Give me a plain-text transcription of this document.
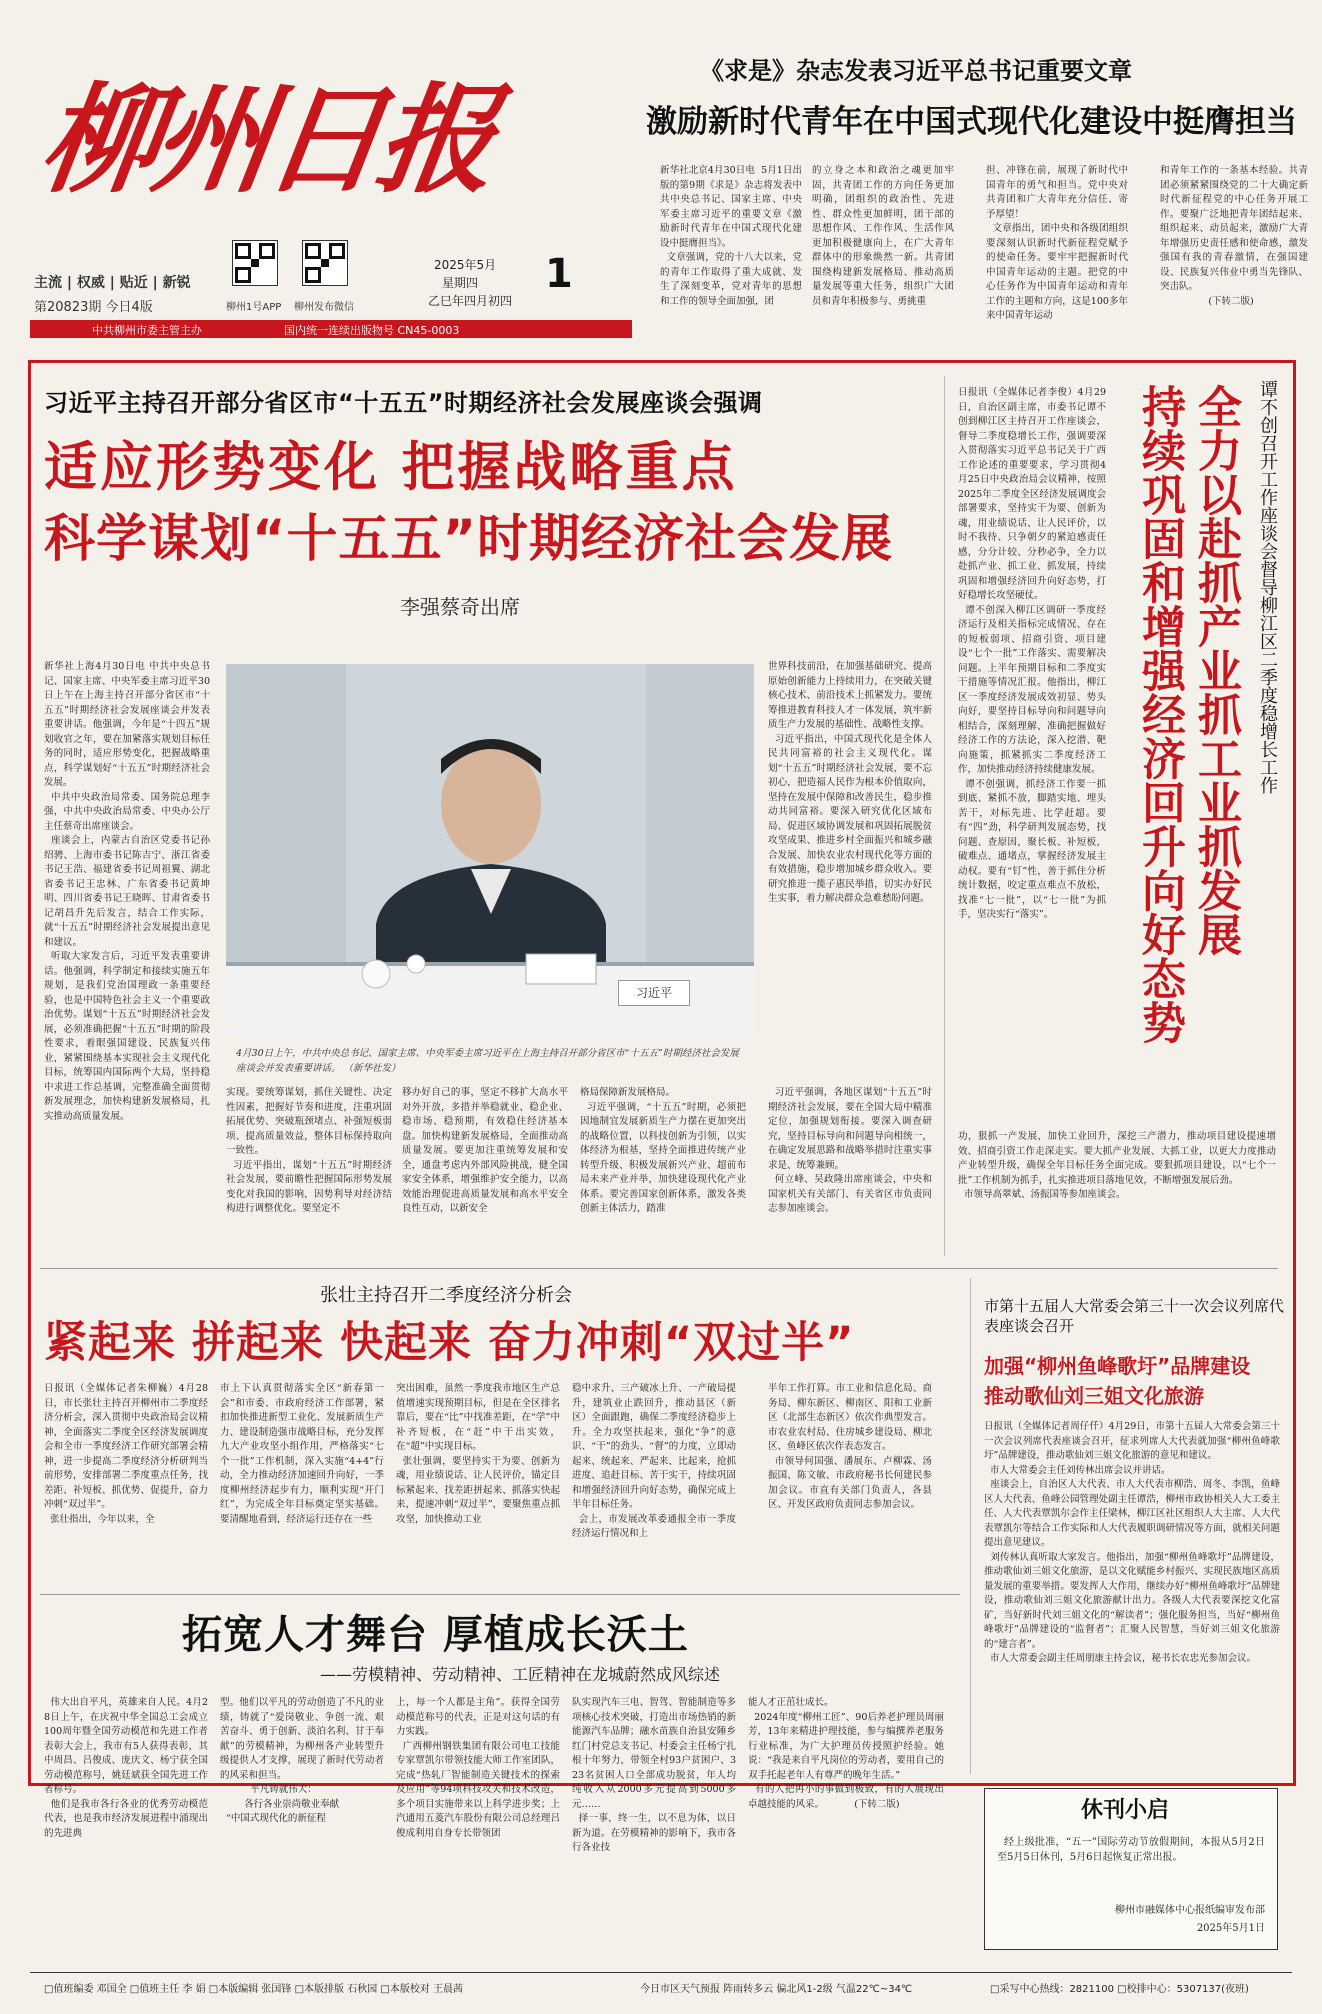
柳州日报
主流 | 权威 | 贴近 | 新锐
第20823期 今日4版	柳州1号APP 柳州发布微信
2025年5月
星期四
乙巳年四月初四
1
中共柳州市委主管主办	国内统一连续出版物号 CN45-0003
《求是》杂志发表习近平总书记重要文章
激励新时代青年在中国式现代化建设中挺膺担当
新华社北京4月30日电  5月1日出版的第9期《求是》杂志将发表中共中央总书记、国家主席、中央军委主席习近平的重要文章《激励新时代青年在中国式现代化建设中挺膺担当》。
文章强调，党的十八大以来，党的青年工作取得了重大成就、发生了深刻变革，党对青年的思想和工作的领导全面加强，团
的立身之本和政治之魂更加牢固，共青团工作的方向任务更加明确，团组织的政治性、先进性、群众性更加鲜明，团干部的思想作风、工作作风、生活作风更加积极健康向上，在广大青年群体中的形象焕然一新。共青团围绕构建新发展格局、推动高质量发展等重大任务，组织广大团员和青年积极参与、勇挑重
担、冲锋在前，展现了新时代中国青年的勇气和担当。党中央对共青团和广大青年充分信任、寄予厚望！
文章指出，团中央和各级团组织要深刻认识新时代新征程党赋予的使命任务。要牢牢把握新时代中国青年运动的主题。把党的中心任务作为中国青年运动和青年工作的主题和方向，这是100多年来中国青年运动
和青年工作的一条基本经验。共青团必须紧紧围绕党的二十大确定新时代新征程党的中心任务开展工作。要聚广泛地把青年团结起来、组织起来、动员起来，激励广大青年增强历史责任感和使命感，激发强国有我的青春激情，在强国建设、民族复兴伟业中勇当先锋队、突击队。
(下转二版)
习近平主持召开部分省区市“十五五”时期经济社会发展座谈会强调
适应形势变化 把握战略重点
科学谋划“十五五”时期经济社会发展
李强蔡奇出席
新华社上海4月30日电 中共中央总书记、国家主席、中央军委主席习近平30日上午在上海主持召开部分省区市“十五五”时期经济社会发展座谈会并发表重要讲话。他强调，今年是“十四五”规划收官之年，要在加紧落实规划目标任务的同时，适应形势变化，把握战略重点，科学谋划好“十五五”时期经济社会发展。
中共中央政治局常委、国务院总理李强，中共中央政治局常委、中央办公厅主任蔡奇出席座谈会。
座谈会上，内蒙古自治区党委书记孙绍骋、上海市委书记陈吉宁、浙江省委书记王浩、福建省委书记周祖翼、湖北省委书记王忠林、广东省委书记黄坤明、四川省委书记王晓晖、甘肃省委书记胡昌升先后发言，结合工作实际，就“十五五”时期经济社会发展提出意见和建议。
听取大家发言后，习近平发表重要讲话。他强调，科学制定和接续实施五年规划，是我们党治国理政一条重要经验，也是中国特色社会主义一个重要政治优势。谋划“十五五”时期经济社会发展，必须准确把握“十五五”时期的阶段性要求，着眼强国建设、民族复兴伟业，紧紧围绕基本实现社会主义现代化目标，统筹国内国际两个大局，坚持稳中求进工作总基调，完整准确全面贯彻新发展理念，加快构建新发展格局，扎实推动高质量发展。
习近平
4月30日上午，中共中央总书记、国家主席、中央军委主席习近平在上海主持召开部分省区市“十五五”时期经济社会发展座谈会并发表重要讲话。 （新华社发）
世界科技前沿，在加强基础研究、提高原始创新能力上持续用力，在突破关键核心技术、前沿技术上抓紧发力。要统筹推进教育科技人才一体发展，筑牢新质生产力发展的基础性、战略性支撑。
习近平指出，中国式现代化是全体人民共同富裕的社会主义现代化。谋划“十五五”时期经济社会发展，要不忘初心，把造福人民作为根本价值取向，坚持在发展中保障和改善民生，稳步推动共同富裕。要深入研究优化区域布局、促进区域协调发展和巩固拓展脱贫攻坚成果、推进乡村全面振兴和城乡融合发展、加快农业农村现代化等方面的有效措施，稳步增加城乡群众收入。要研究推进一揽子惠民举措，切实办好民生实事，着力解决群众急难愁盼问题。
实现。要统筹谋划，抓住关键性、决定性因素，把握好节奏和进度，注重巩固拓展优势、突破瓶颈堵点、补强短板弱项、提高质量效益，整体目标保持取向一致性。
习近平指出，谋划“十五五”时期经济社会发展，要前瞻性把握国际形势发展变化对我国的影响，因势利导对经济结构进行调整优化。要坚定不
移办好自己的事，坚定不移扩大高水平对外开放，多措并举稳就业、稳企业、稳市场、稳预期，有效稳住经济基本盘。加快构建新发展格局，全面推动高质量发展。要更加注重统筹发展和安全，通盘考虑内外部风险挑战，健全国家安全体系，增强维护安全能力，以高效能治理促进高质量发展和高水平安全良性互动，以新安全
格局保障新发展格局。
习近平强调，“十五五”时期，必须把因地制宜发展新质生产力摆在更加突出的战略位置，以科技创新为引领，以实体经济为根基，坚持全面推进传统产业转型升级、积极发展新兴产业、超前布局未来产业并举，加快建设现代化产业体系。要完善国家创新体系，激发各类创新主体活力，踏准
习近平强调，各地区谋划“十五五”时期经济社会发展，要在全国大局中精准定位，加强规划衔接。要深入调查研究，坚持目标导向和问题导向相统一，在确定发展思路和战略举措时注重实事求是、统筹兼顾。
何立峰、吴政隆出席座谈会，中央和国家机关有关部门、有关省区市负责同志参加座谈会。
谭不创召开工作座谈会督导柳江区二季度稳增长工作
全力以赴抓产业抓工业抓发展
持续巩固和增强经济回升向好态势
日报讯（全媒体记者李俊）4月29日，自治区副主席，市委书记谭不创到柳江区主持召开工作座谈会，督导二季度稳增长工作，强调要深入贯彻落实习近平总书记关于广西工作论述的重要要求，学习贯彻4月25日中央政治局会议精神，按照2025年二季度全区经济发展调度会部署要求，坚持实干为要、创新为魂，用业绩说话、让人民评价，以时不我待、只争朝夕的紧迫感责任感，分分计较、分秒必争，全力以赴抓产业、抓工业、抓发展，持续巩固和增强经济回升向好态势，打好稳增长攻坚硬仗。
谭不创深入柳江区调研一季度经济运行及相关指标完成情况、存在的短板弱项、招商引资、项目建设“七个一批”工作落实、需要解决问题。上半年预期目标和二季度实干措施等情况汇报。他指出，柳江区一季度经济发展成效初显、势头向好，要坚持目标导向和问题导向相结合，深刻理解、准确把握做好经济工作的方法论，深入挖潜、靶向施策，抓紧抓实二季度经济工作，加快推动经济持续健康发展。
谭不创强调，抓经济工作要一抓到底、紧抓不放，脚踏实地、埋头苦干，对标先进、比学赶超。要有“四”劲，科学研判发展态势，找问题、查原因，聚长板、补短板，破难点、通堵点，掌握经济发展主动权。要有“钉”性，善于抓住分析统计数据，咬定重点难点不放松，找准“七一批”，以“七一批”为抓手，坚决实行“落实”。
功，狠抓一产发展，加快工业回升，深挖三产潜力，推动项目建设提速增效、招商引资工作走深走实。要大抓产业发展、大抓工业，以更大力度推动产业转型升级，确保全年目标任务全面完成。要狠抓项目建设，以“七个一批”工作机制为抓手，扎实推进项目落地见效，不断增强发展后劲。
市领导高翠斌、汤振国等参加座谈会。
张壮主持召开二季度经济分析会
紧起来 拼起来 快起来 奋力冲刺“双过半”
日报讯（全媒体记者朱柳巍）4月28日，市长张壮主持召开柳州市二季度经济分析会，深入贯彻中央政治局会议精神，全面落实二季度全区经济发展调度会和全市一季度经济工作研究部署会精神，进一步提高二季度经济分析研判当前形势，安排部署二季度重点任务，找差距、补短板、抓优势、促提升，奋力冲刺“双过半”。
张壮指出，今年以来，全
市上下认真贯彻落实全区“新春第一会”和市委、市政府经济工作部署，紧扣加快推进新型工业化、发展新质生产力、建设制造强市战略目标，充分发挥九大产业攻坚小组作用，严格落实“七个一批”工作机制，深入实施“4+4”行动，全力推动经济加速回升向好，一季度柳州经济起步有力，顺利实现“开门红”，为完成全年目标奠定坚实基础。要清醒地看到，经济运行还存在一些
突出困难，虽然一季度我市地区生产总值增速实现预期目标，但是在全区排名靠后，要在“比”中找准差距，在“学”中补齐短板，在“赶”中干出实效，在“超”中实现目标。
张壮强调，要坚持实干为要、创新为魂，用业绩说话、让人民评价，锚定目标紧起来、找差距拼起来、抓落实快起来，提速冲刺“双过半”，要聚焦重点抓攻坚，加快推动工业
稳中求升、三产破冰上升、一产破局提升，建筑业止跌回升，推动县区（新区）全面跟跑，确保二季度经济稳步上升。全力攻坚扶起来，强化“争”的意识、“干”的劲头、“督”的力度，立即动起来、统起来、严起来、比起来，抢抓进度、追赶目标、苦干实干，持续巩固和增强经济回升向好态势，确保完成上半年目标任务。
会上，市发展改革委通报全市一季度经济运行情况和上
半年工作打算。市工业和信息化局、商务局、柳东新区、柳南区、阳和工业新区（北部生态新区）依次作典型发言。市农业农村局、住房城乡建设局、柳北区、鱼峰区依次作表态发言。
市领导何国强、潘展东、卢柳霖、汤振国、陈文敏、市政府秘书长何建民参加会议。市直有关部门负责人，各县区、开发区政府负责同志参加会议。
市第十五届人大常委会第三十一次会议列席代表座谈会召开
加强“柳州鱼峰歌圩”品牌建设
推动歌仙刘三姐文化旅游
日报讯（全媒体记者周仔仟）4月29日，市第十五届人大常委会第三十一次会议列席代表座谈会召开，征求列席人大代表就加强“柳州鱼峰歌圩”品牌建设，推动歌仙刘三姐文化旅游的意见和建议。
市人大常委会主任刘传林出席会议并讲话。
座谈会上，自治区人大代表、市人大代表市柳浩、周冬、李凯，鱼峰区人大代表、鱼峰公园管理处副主任谭浩，柳州市政协相关人大工委主任、人大代表覃凯尔会作主任梁林，柳江区社区组织人大主席、人大代表覃凯尔等结合工作实际和人大代表履职调研情况等方面，就相关问题提出意见建议。
刘传林认真听取大家发言。他指出，加强“柳州鱼峰歌圩”品牌建设，推动歌仙刘三姐文化旅游，是以文化赋能乡村振兴、实现民族地区高质量发展的重要举措。要发挥人大作用，继续办好“柳州鱼峰歌圩”品牌建设，推动歌仙刘三姐文化旅游献计出力。各级人大代表要深挖文化富矿，当好新时代刘三姐文化的“解读者”；强化服务担当，当好“柳州鱼峰歌圩”品牌建设的“监督者”；汇聚人民智慧，当好刘三姐文化旅游的“建言者”。
市人大常委会副主任周朋康主持会议，秘书长农忠光参加会议。
拓宽人才舞台 厚植成长沃土
——劳模精神、劳动精神、工匠精神在龙城蔚然成风综述
伟大出自平凡，英雄来自人民。4月28日上午，在庆祝中华全国总工会成立100周年暨全国劳动模范和先进工作者表彰大会上，我市有5人获得表彰，其中周昌、吕俊成、庞庆文、杨宁获全国劳动模范称号，姚廷斌获全国先进工作者称号。
他们是我市各行各业的优秀劳动模范代表，也是我市经济发展进程中涌现出的先进典
型。他们以平凡的劳动创造了不凡的业绩，铸就了“爱岗敬业、争创一流、艰苦奋斗、勇于创新、淡泊名利、甘于奉献”的劳模精神，为柳州各产业转型升级提供人才支撑，展现了新时代劳动者的风采和担当。
平凡铸就伟大：
各行各业崇尚敬业奉献
“中国式现代化的新征程
上，每一个人都是主角”。获得全国劳动模范称号的代表，正是对这句话的有力实践。
广西柳州钢铁集团有限公司电工技能专家覃凯尔带领技能大师工作室团队，完成“热轧厂智能制造关键技术的探索及应用”等94项科技攻关和技术改造，多个项目实施带来以上科学进步奖；上汽通用五菱汽车股份有限公司总经理吕俊成利用自身专长带领团
队实现汽车三电、智驾、智能制造等多项核心技术突破，打造出市场热销的新能源汽车品牌；融水苗族自治县安陲乡红门村党总支书记、村委会主任杨宁扎根十年努力，带领全村93户贫困户、323名贫困人口全部成功脱贫，年人均纯收入从2000多元提高到5000多元……
择一事，终一生，以不息为体，以日新为道。在劳模精神的影响下，我市各行各业技
能人才正茁壮成长。
2024年度“柳州工匠”、90后养老护理员周丽芳，13年来精进护理技能，参与编撰养老服务行业标准，为广大护理员传授照护经验。她说：“我是来自平凡岗位的劳动者，要用自己的双手托起老年人有尊严的晚年生活。”
有的人把再小的事做到极致，有的人展现出卓越技能的风采。          (下转二版)	休刊小启
经上级批准，“五一”国际劳动节放假期间，本报从5月2日至5月5日休刊，5月6日起恢复正常出报。
柳州市融媒体中心报纸编审发布部
2025年5月1日
□值班编委 邓国全 □值班主任 李 娟 □本版编辑 张国锋 □本版排版 石秋园 □本版校对 王晨茜	今日市区天气预报 阵雨转多云 偏北风1-2级 气温22℃~34℃	□采写中心热线：2821100 □校排中心：5307137(夜班)
